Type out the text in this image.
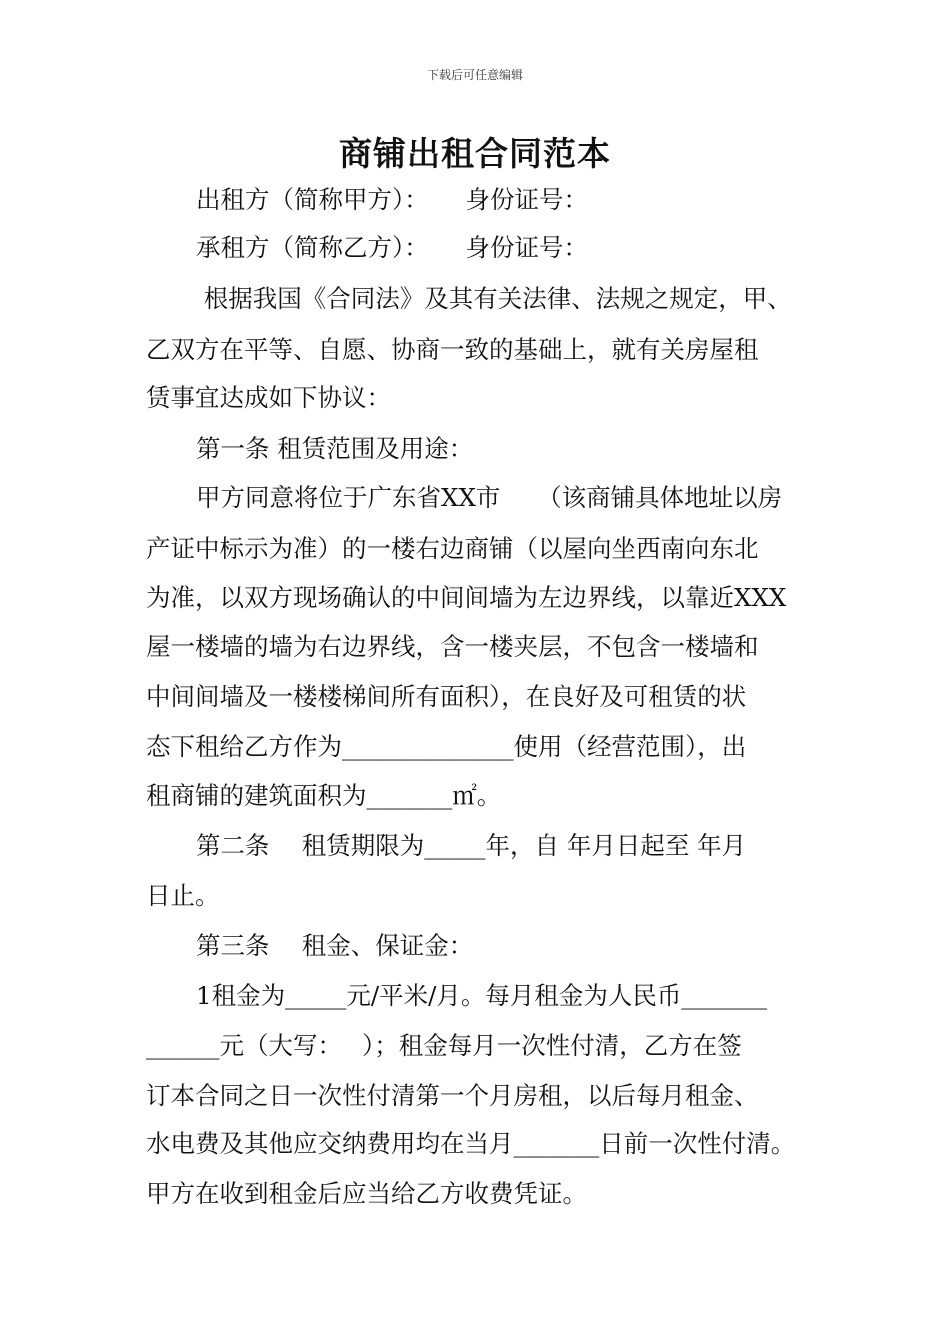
下载后可任意编辑
商铺出租合同范本
出租方（简称甲方）：　　身份证号：
承租方（简称乙方）：　　身份证号：
根据我国《合同法》及其有关法律、法规之规定，甲、
乙双方在平等、自愿、协商一致的基础上，就有关房屋租
赁事宜达成如下协议：
第一条 租赁范围及用途：
甲方同意将位于广东省XX市　　（该商铺具体地址以房
产证中标示为准）的一楼右边商铺（以屋向坐西南向东北
为准，以双方现场确认的中间间墙为左边界线，以靠近XXX
屋一楼墙的墙为右边界线，含一楼夹层，不包含一楼墙和
中间间墙及一楼楼梯间所有面积），在良好及可租赁的状
态下租给乙方作为______________使用（经营范围），出
租商铺的建筑面积为_______㎡。
第二条　 租赁期限为_____年，自 年月日起至 年月
日止。
第三条　 租金、保证金：
1租金为_____元/平米/月。每月租金为人民币_______
______元（大写：　 ）；租金每月一次性付清，乙方在签
订本合同之日一次性付清第一个月房租，以后每月租金、
水电费及其他应交纳费用均在当月_______日前一次性付清。
甲方在收到租金后应当给乙方收费凭证。
